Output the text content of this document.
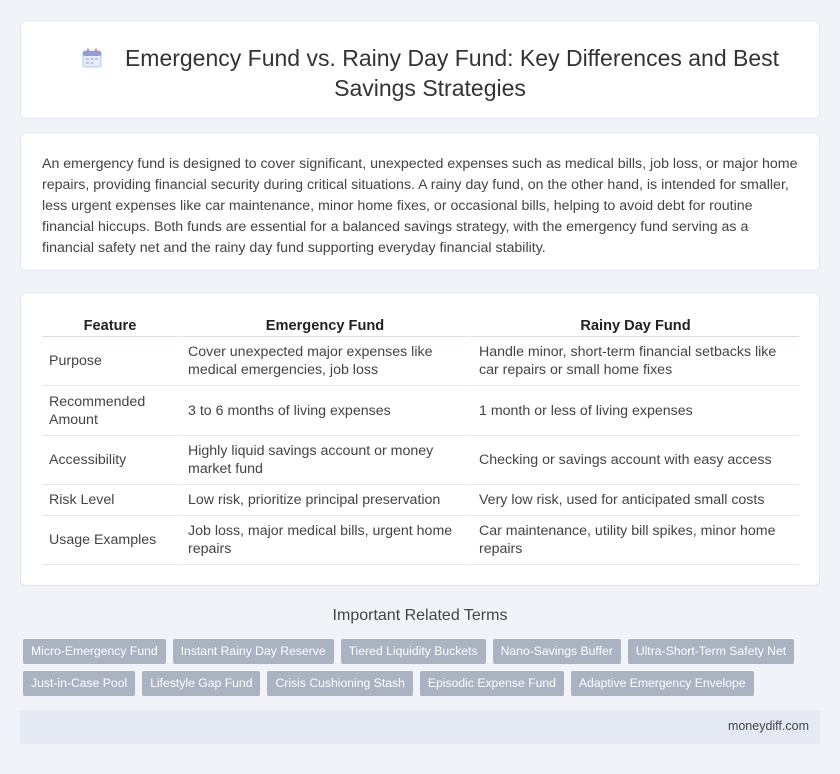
Emergency Fund vs. Rainy Day Fund: Key Differences and Best Savings Strategies

An emergency fund is designed to cover significant, unexpected expenses such as medical bills, job loss, or major home repairs, providing financial security during critical situations. A rainy day fund, on the other hand, is intended for smaller, less urgent expenses like car maintenance, minor home fixes, or occasional bills, helping to avoid debt for routine financial hiccups. Both funds are essential for a balanced savings strategy, with the emergency fund serving as a financial safety net and the rainy day fund supporting everyday financial stability.

Feature	Emergency Fund	Rainy Day Fund
Purpose	Cover unexpected major expenses like medical emergencies, job loss	Handle minor, short-term financial setbacks like car repairs or small home fixes
Recommended Amount	3 to 6 months of living expenses	1 month or less of living expenses
Accessibility	Highly liquid savings account or money market fund	Checking or savings account with easy access
Risk Level	Low risk, prioritize principal preservation	Very low risk, used for anticipated small costs
Usage Examples	Job loss, major medical bills, urgent home repairs	Car maintenance, utility bill spikes, minor home repairs
Important Related Terms
Micro-Emergency Fund	Instant Rainy Day Reserve	Tiered Liquidity Buckets	Nano-Savings Buffer	Ultra-Short-Term Safety Net
Just-in-Case Pool	Lifestyle Gap Fund	Crisis Cushioning Stash	Episodic Expense Fund	Adaptive Emergency Envelope
moneydiff.com
